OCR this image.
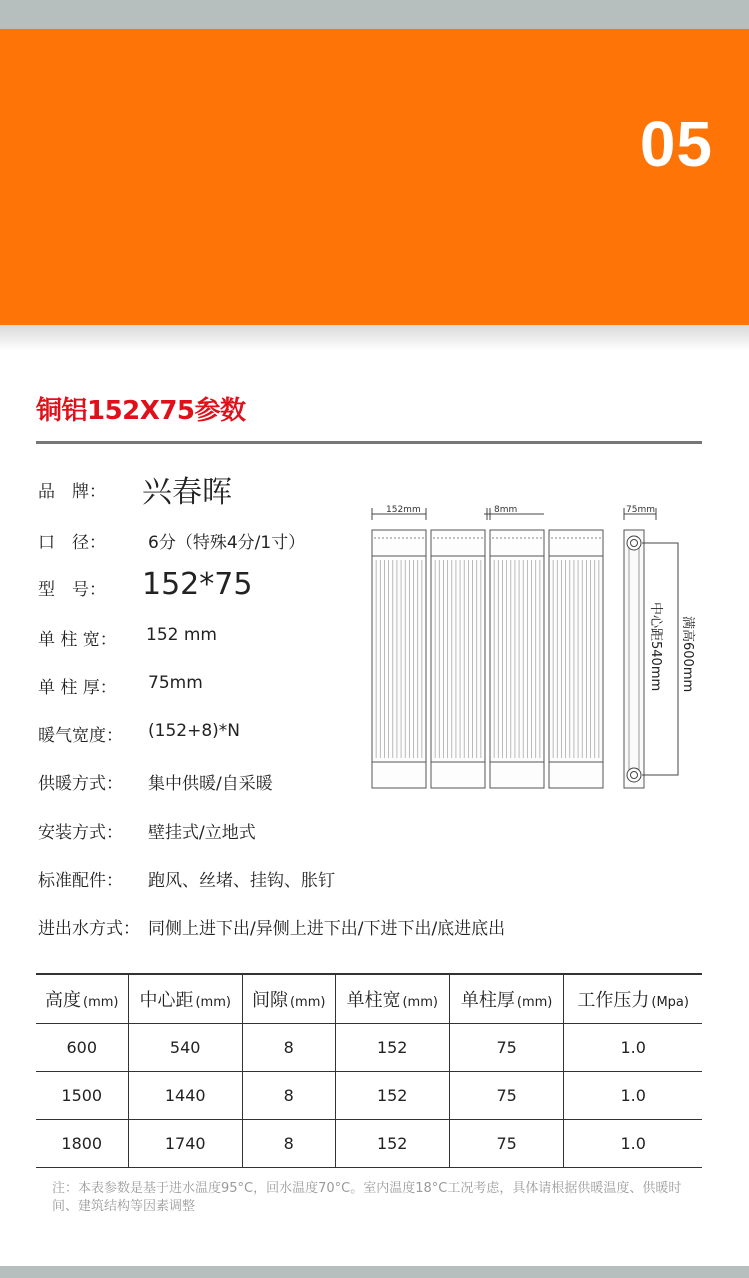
05
铜铝152X75参数
品　牌： 兴春晖
口　径： 6分（特殊4分/1寸）
型　号： 152*75
单 柱 宽： 152 mm
单 柱 厚： 75mm
暖气宽度： (152+8)*N
供暖方式： 集中供暖/自采暖
安装方式： 壁挂式/立地式
标准配件： 跑风、丝堵、挂钩、胀钉
进出水方式： 同侧上进下出/异侧上进下出/下进下出/底进底出
152mm	8mm	75mm
中心距540mm 满高600mm
高度 (mm)	中心距 (mm)	间隙 (mm)	单柱宽 (mm)	单柱厚 (mm)	工作压力 (Mpa)
600	540	8	152	75	1.0
1500	1440	8	152	75	1.0
1800	1740	8	152	75	1.0
注：本表参数是基于进水温度95°C，回水温度70°C。室内温度18°C工况考虑，具体请根据供暖温度、供暖时间、建筑结构等因素调整
